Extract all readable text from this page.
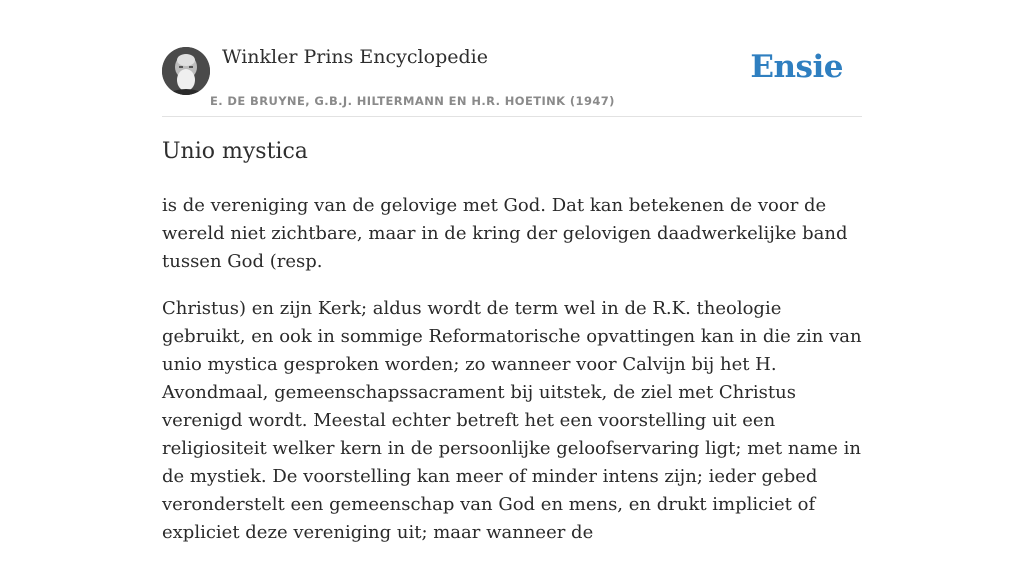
Winkler Prins Encyclopedie
E. DE BRUYNE, G.B.J. HILTERMANN EN H.R. HOETINK (1947)
Ensie
Unio mystica

is de vereniging van de gelovige met God. Dat kan betekenen de voor de wereld niet zichtbare, maar in de kring der gelovigen daadwerkelijke band tussen God (resp.

Christus) en zijn Kerk; aldus wordt de term wel in de R.K. theologie gebruikt, en ook in sommige Reformatorische opvattingen kan in die zin van unio mystica gesproken worden; zo wanneer voor Calvijn bij het H. Avondmaal, gemeenschapssacrament bij uitstek, de ziel met Christus verenigd wordt. Meestal echter betreft het een voorstelling uit een religiositeit welker kern in de persoonlijke geloofservaring ligt; met name in de mystiek. De voorstelling kan meer of minder intens zijn; ieder gebed veronderstelt een gemeenschap van God en mens, en drukt impliciet of expliciet deze vereniging uit; maar wanneer de
